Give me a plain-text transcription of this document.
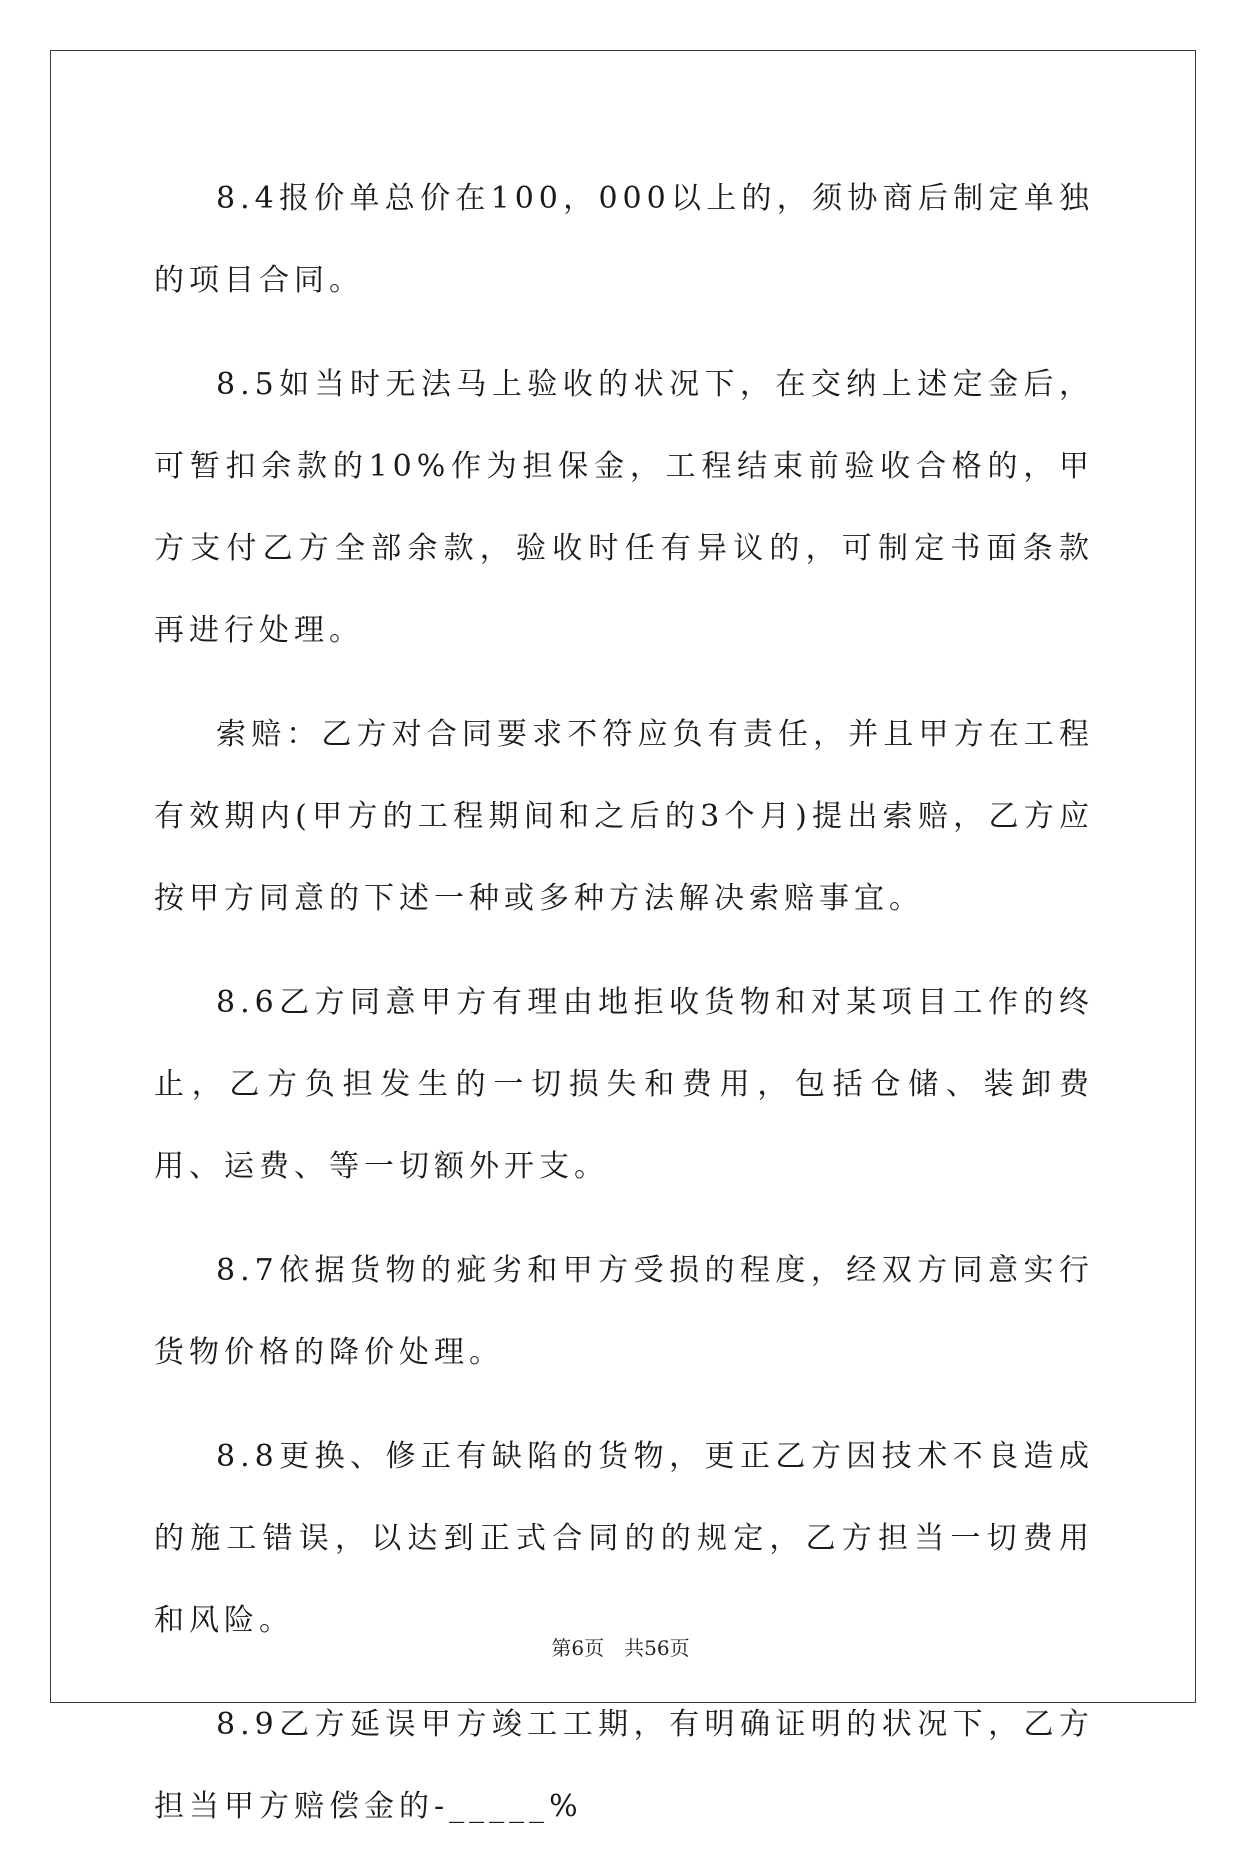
8.4报价单总价在100，000以上的，须协商后制定单独的项目合同。

8.5如当时无法马上验收的状况下，在交纳上述定金后，可暂扣余款的10%作为担保金，工程结束前验收合格的，甲方支付乙方全部余款，验收时任有异议的，可制定书面条款再进行处理。

索赔：乙方对合同要求不符应负有责任，并且甲方在工程有效期内(甲方的工程期间和之后的3个月)提出索赔，乙方应按甲方同意的下述一种或多种方法解决索赔事宜。

8.6乙方同意甲方有理由地拒收货物和对某项目工作的终止，乙方负担发生的一切损失和费用，包括仓储、装卸费用、运费、等一切额外开支。

8.7依据货物的疵劣和甲方受损的程度，经双方同意实行货物价格的降价处理。

8.8更换、修正有缺陷的货物，更正乙方因技术不良造成的施工错误，以达到正式合同的的规定，乙方担当一切费用和风险。

8.9乙方延误甲方竣工工期，有明确证明的状况下，乙方担当甲方赔偿金的-_____%

第6页 共56页
